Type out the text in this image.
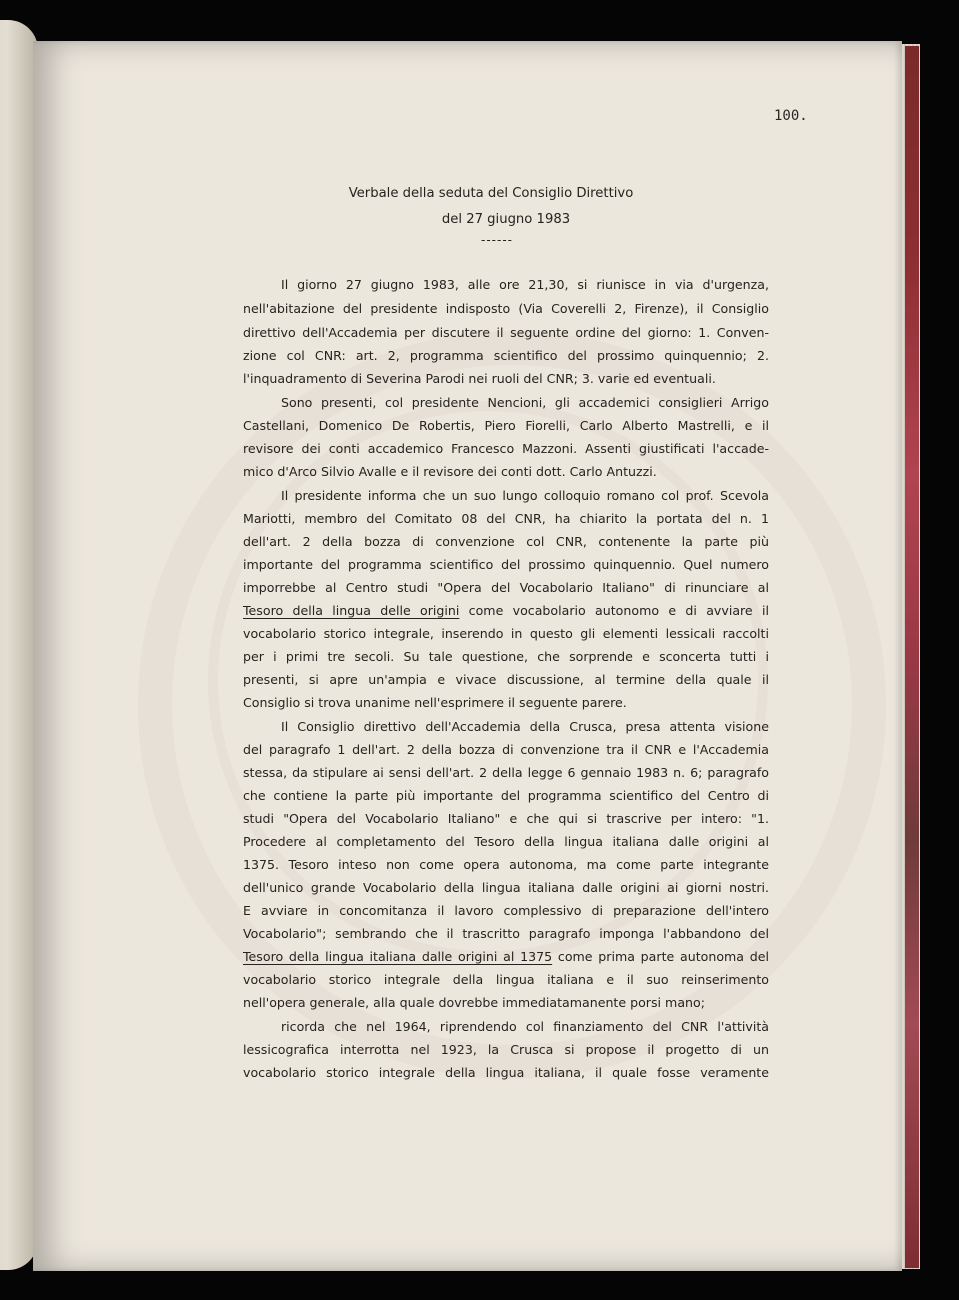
100.
Verbale della seduta del Consiglio Direttivo
del 27 giugno 1983
------
Il giorno 27 giugno 1983, alle ore 21,30, si riunisce in via d'urgenza,
nell'abitazione del presidente indisposto (Via Coverelli 2, Firenze), il Consiglio
direttivo dell'Accademia per discutere il seguente ordine del giorno: 1. Conven-
zione col CNR: art. 2, programma scientifico del prossimo quinquennio; 2.
l'inquadramento di Severina Parodi nei ruoli del CNR; 3. varie ed eventuali.
Sono presenti, col presidente Nencioni, gli accademici consiglieri Arrigo
Castellani, Domenico De Robertis, Piero Fiorelli, Carlo Alberto Mastrelli, e il
revisore dei conti accademico Francesco Mazzoni. Assenti giustificati l'accade-
mico d'Arco Silvio Avalle e il revisore dei conti dott. Carlo Antuzzi.
Il presidente informa che un suo lungo colloquio romano col prof. Scevola
Mariotti, membro del Comitato 08 del CNR, ha chiarito la portata del n. 1
dell'art. 2 della bozza di convenzione col CNR, contenente la parte più
importante del programma scientifico del prossimo quinquennio. Quel numero
imporrebbe al Centro studi "Opera del Vocabolario Italiano" di rinunciare al
Tesoro della lingua delle origini come vocabolario autonomo e di avviare il
vocabolario storico integrale, inserendo in questo gli elementi lessicali raccolti
per i primi tre secoli. Su tale questione, che sorprende e sconcerta tutti i
presenti, si apre un'ampia e vivace discussione, al termine della quale il
Consiglio si trova unanime nell'esprimere il seguente parere.
Il Consiglio direttivo dell'Accademia della Crusca, presa attenta visione
del paragrafo 1 dell'art. 2 della bozza di convenzione tra il CNR e l'Accademia
stessa, da stipulare ai sensi dell'art. 2 della legge 6 gennaio 1983 n. 6; paragrafo
che contiene la parte più importante del programma scientifico del Centro di
studi "Opera del Vocabolario Italiano" e che qui si trascrive per intero: "1.
Procedere al completamento del Tesoro della lingua italiana dalle origini al
1375. Tesoro inteso non come opera autonoma, ma come parte integrante
dell'unico grande Vocabolario della lingua italiana dalle origini ai giorni nostri.
E avviare in concomitanza il lavoro complessivo di preparazione dell'intero
Vocabolario"; sembrando che il trascritto paragrafo imponga l'abbandono del
Tesoro della lingua italiana dalle origini al 1375 come prima parte autonoma del
vocabolario storico integrale della lingua italiana e il suo reinserimento
nell'opera generale, alla quale dovrebbe immediatamanente porsi mano;
ricorda che nel 1964, riprendendo col finanziamento del CNR l'attività
lessicografica interrotta nel 1923, la Crusca si propose il progetto di un
vocabolario storico integrale della lingua italiana, il quale fosse veramente
